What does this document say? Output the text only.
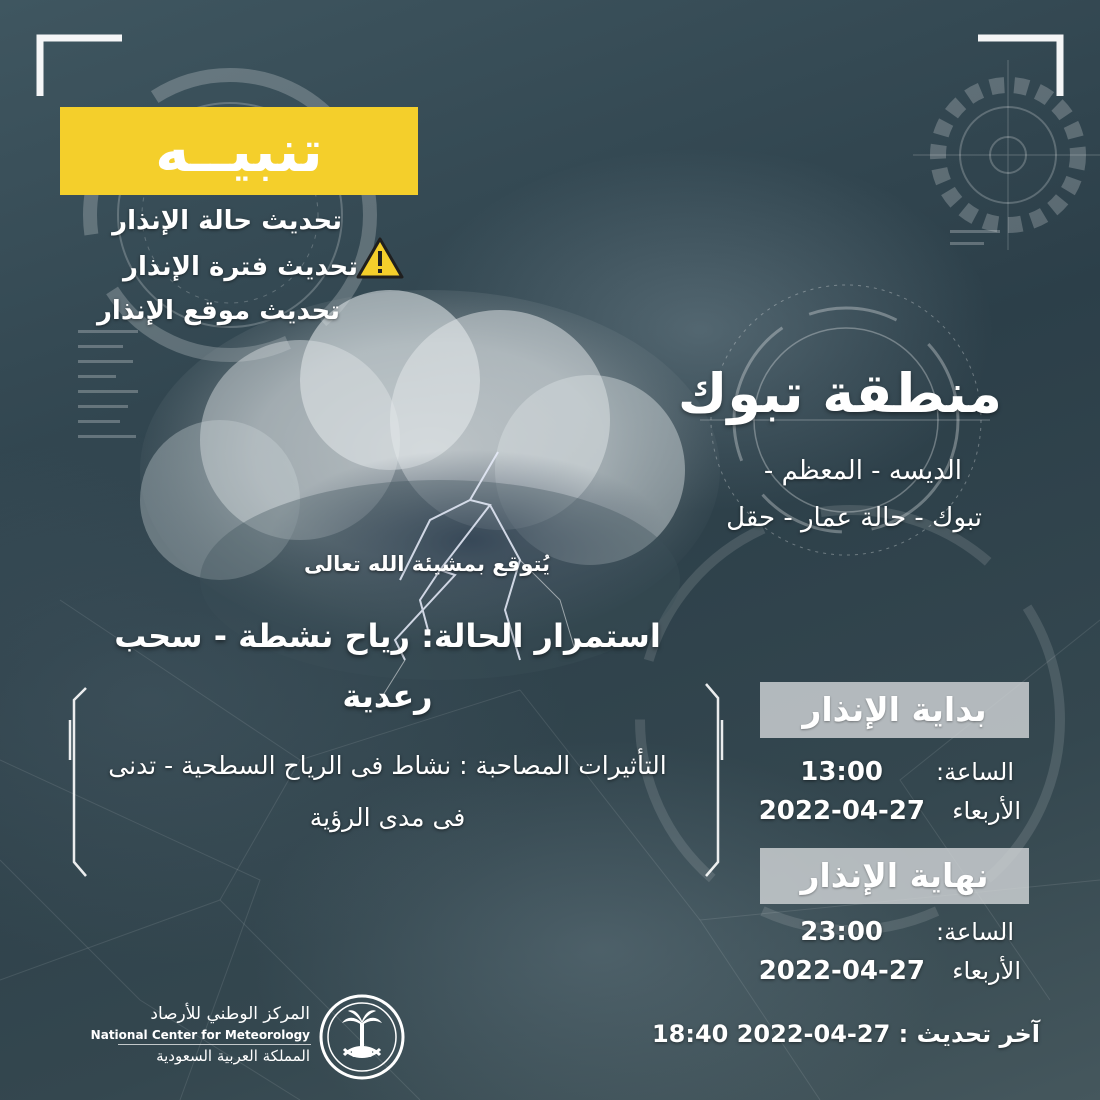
تنبيــه
تحديث حالة الإنذار
تحديث فترة الإنذار
تحديث موقع الإنذار
منطقة تبوك
الديسه - المعظم -
تبوك - حالة عمار - حقل
يُتوقع بمشيئة الله تعالى
استمرار الحالة: رياح نشطة - سحب رعدية
التأثيرات المصاحبة : نشاط فى الرياح السطحية - تدنى فى مدى الرؤية
بداية الإنذار
الساعة:
13:00
الأربعاء
2022-04-27
نهاية الإنذار
الساعة:
23:00
الأربعاء
2022-04-27
آخر تحديث : 27-04-2022 18:40
المركز الوطني للأرصاد
National Center for Meteorology
المملكة العربية السعودية
